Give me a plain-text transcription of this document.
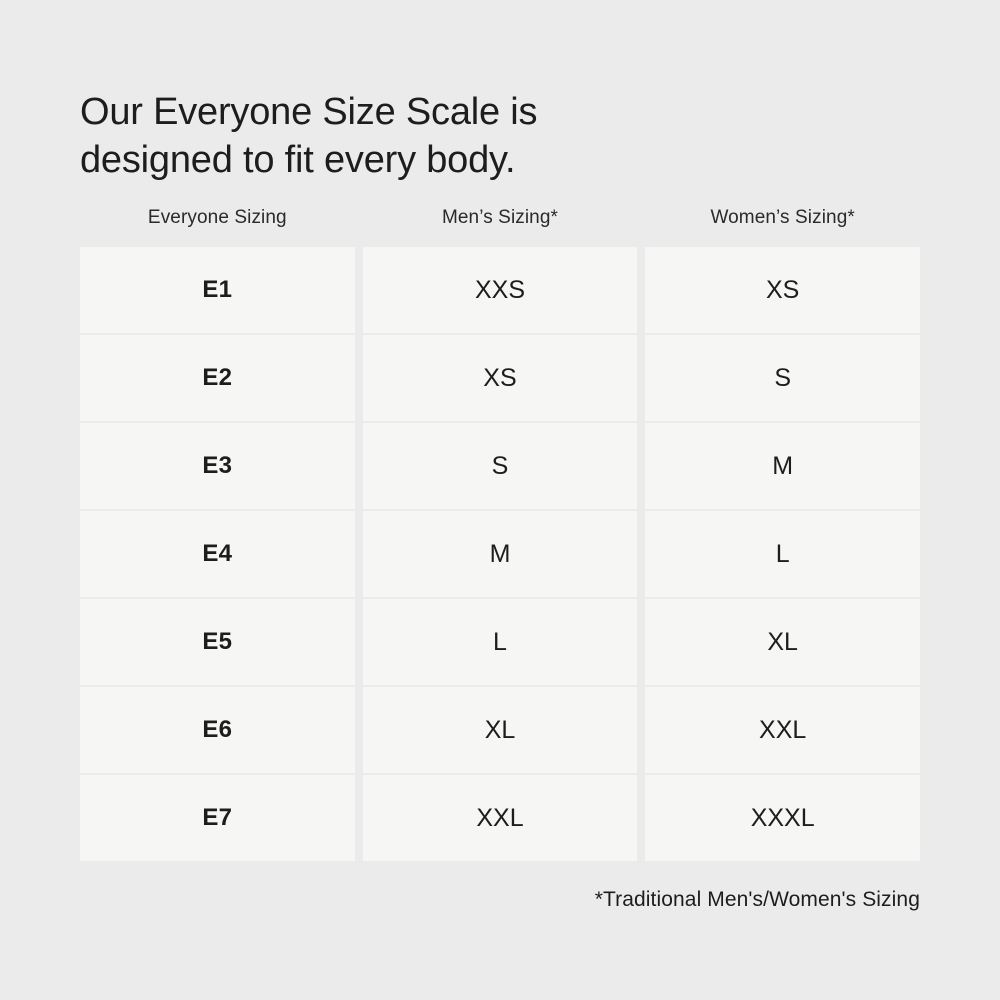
Our Everyone Size Scale is
designed to fit every body.
Everyone Sizing	Men’s Sizing*	Women’s Sizing*
E1	XXS	XS
E2	XS	S
E3	S	M
E4	M	L
E5	L	XL
E6	XL	XXL
E7	XXL	XXXL
*Traditional Men's/Women's Sizing
